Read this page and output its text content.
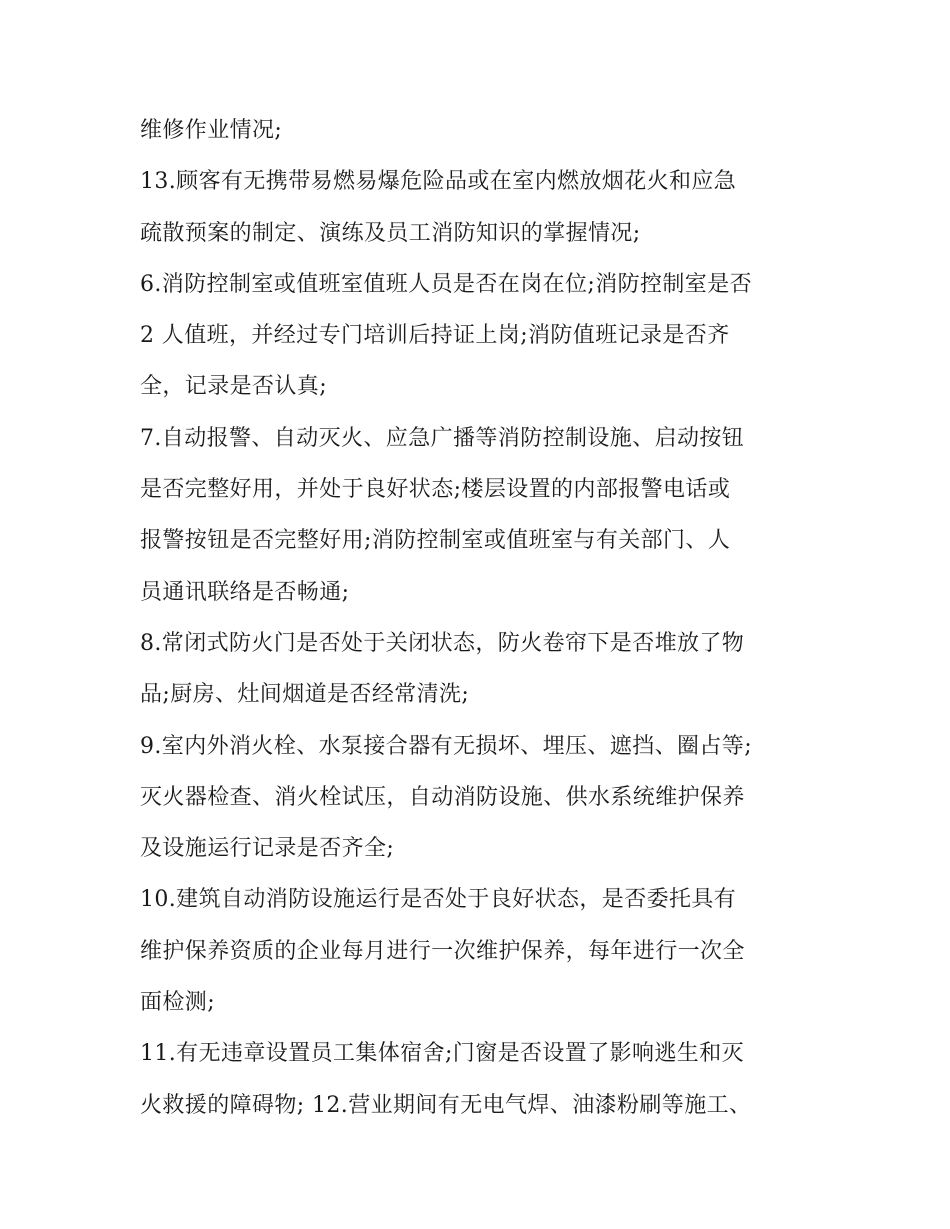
维修作业情况;
13.顾客有无携带易燃易爆危险品或在室内燃放烟花火和应急
疏散预案的制定、演练及员工消防知识的掌握情况;
6.消防控制室或值班室值班人员是否在岗在位;消防控制室是否
2 人值班，并经过专门培训后持证上岗;消防值班记录是否齐
全，记录是否认真;
7.自动报警、自动灭火、应急广播等消防控制设施、启动按钮
是否完整好用，并处于良好状态;楼层设置的内部报警电话或
报警按钮是否完整好用;消防控制室或值班室与有关部门、人
员通讯联络是否畅通;
8.常闭式防火门是否处于关闭状态，防火卷帘下是否堆放了物
品;厨房、灶间烟道是否经常清洗;
9.室内外消火栓、水泵接合器有无损坏、埋压、遮挡、圈占等;
灭火器检查、消火栓试压，自动消防设施、供水系统维护保养
及设施运行记录是否齐全;
10.建筑自动消防设施运行是否处于良好状态，是否委托具有
维护保养资质的企业每月进行一次维护保养，每年进行一次全
面检测;
11.有无违章设置员工集体宿舍;门窗是否设置了影响逃生和灭
火救援的障碍物; 12.营业期间有无电气焊、油漆粉刷等施工、
